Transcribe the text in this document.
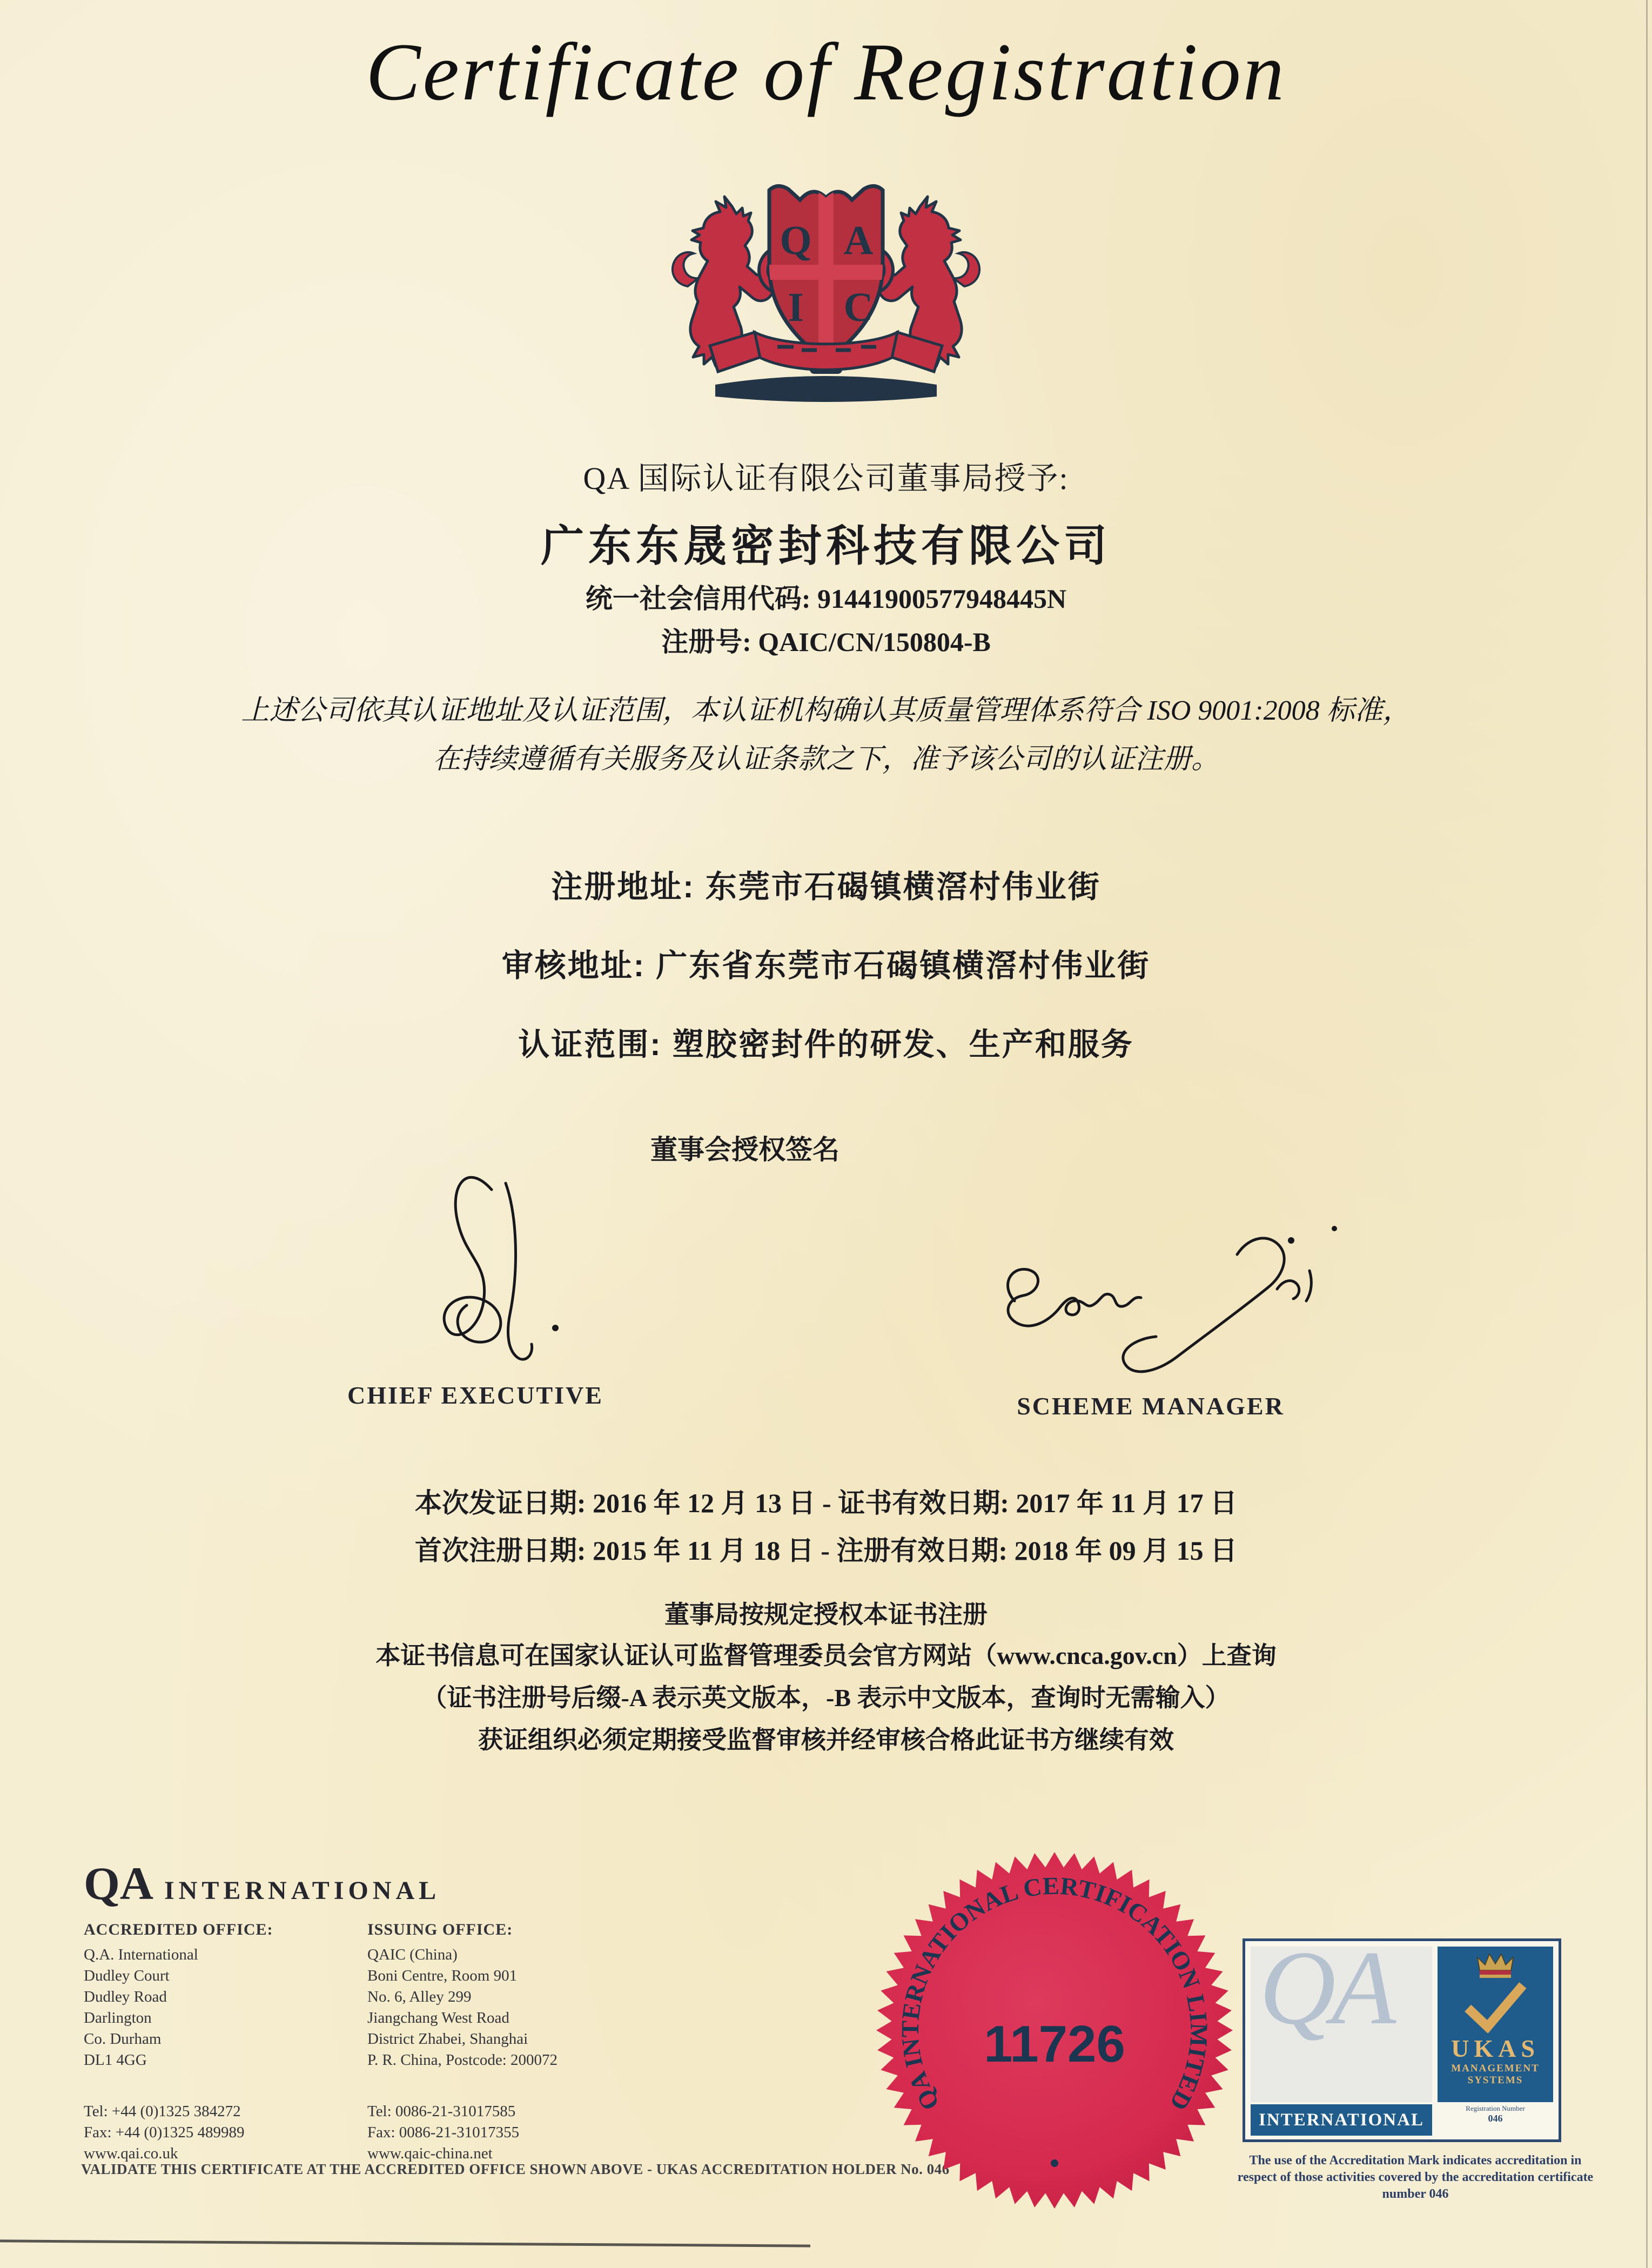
Certificate of Registration
Q A
I C
QA 国际认证有限公司董事局授予:
广东东晟密封科技有限公司
统一社会信用代码: 91441900577948445N
注册号: QAIC/CN/150804-B
上述公司依其认证地址及认证范围，本认证机构确认其质量管理体系符合 ISO 9001:2008 标准，
在持续遵循有关服务及认证条款之下，准予该公司的认证注册。
注册地址: 东莞市石碣镇横滘村伟业街
审核地址: 广东省东莞市石碣镇横滘村伟业街
认证范围: 塑胶密封件的研发、生产和服务
董事会授权签名
CHIEF EXECUTIVE	SCHEME MANAGER
本次发证日期: 2016 年 12 月 13 日 - 证书有效日期: 2017 年 11 月 17 日
首次注册日期: 2015 年 11 月 18 日 - 注册有效日期: 2018 年 09 月 15 日
董事局按规定授权本证书注册
本证书信息可在国家认证认可监督管理委员会官方网站（www.cnca.gov.cn）上查询
（证书注册号后缀-A 表示英文版本，-B 表示中文版本，查询时无需输入）
获证组织必须定期接受监督审核并经审核合格此证书方继续有效
QA INTERNATIONAL
ACCREDITED OFFICE:
Q.A. International
Dudley Court
Dudley Road
Darlington
Co. Durham
DL1 4GG
Tel: +44 (0)1325 384272
Fax: +44 (0)1325 489989
www.qai.co.uk
ISSUING OFFICE:
QAIC (China)
Boni Centre, Room 901
No. 6, Alley 299
Jiangchang West Road
District Zhabei, Shanghai
P. R. China, Postcode: 200072
Tel: 0086-21-31017585
Fax: 0086-21-31017355
www.qaic-china.net
VALIDATE THIS CERTIFICATE AT THE ACCREDITED OFFICE SHOWN ABOVE - UKAS ACCREDITATION HOLDER No. 046
QA INTERNATIONAL CERTIFICATION LIMITED
11726 QA
INTERNATIONAL
UKAS
MANAGEMENT
SYSTEMS
Registration Number
046
The use of the Accreditation Mark indicates accreditation in respect of those activities covered by the accreditation certificate number 046
